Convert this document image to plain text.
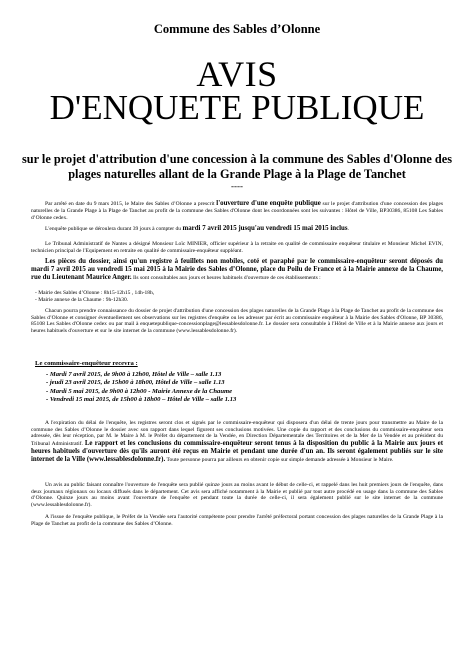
Commune des Sables d’Olonne
AVIS
D'ENQUETE PUBLIQUE
sur le projet d'attribution d'une concession à la commune des Sables d'Olonne des plages naturelles allant de la Grande Plage à la Plage de Tanchet
----
Par arrêté en date du 9 mars 2015, le Maire des Sables d’Olonne a prescrit l'ouverture d'une enquête publique sur le projet d'attribution d'une concession des plages naturelles de la Grande Plage à la Plage de Tanchet au profit de la commune des Sables d'Olonne dont les coordonnées sont les suivantes : Hôtel de Ville, BP30386, 85108 Les Sables d’Olonne cedex.
L'enquête publique se déroulera durant 39 jours à compter du mardi 7 avril 2015 jusqu'au vendredi 15 mai 2015 inclus.
Le Tribunal Administratif de Nantes a désigné Monsieur Loïc MINIER, officier supérieur à la retraite en qualité de commissaire enquêteur titulaire et Monsieur Michel EVIN, technicien principal de l'Equipement en retraite en qualité de commissaire-enquêteur suppléant.
Les pièces du dossier, ainsi qu'un registre à feuillets non mobiles, coté et paraphé par le commissaire-enquêteur seront déposés du mardi 7 avril 2015 au vendredi 15 mai 2015 à la Mairie des Sables d’Olonne, place du Poilu de France et à la Mairie annexe de la Chaume, rue du Lieutenant Maurice Anger. Ils sont consultables aux jours et heures habituels d'ouverture de ces établissements :
- Mairie des Sables d’Olonne : 8h15-12h15 , 14h-18h,
- Mairie annexe de la Chaume : 9h-12h30.
Chacun pourra prendre connaissance du dossier de projet d'attribution d'une concession des plages naturelles de la Grande Plage à la Plage de Tanchet au profit de la commune des Sables d’Olonne et consigner éventuellement ses observations sur les registres d'enquête ou les adresser par écrit au commissaire enquêteur à la Mairie des Sables d'Olonne, BP 30386, 85108 Les Sables d'Olonne cedex ou par mail à enquetepublique-concessionplage@lessablesdolonne.fr. Le dossier sera consultable à l'Hôtel de Ville et à la Mairie annexe aux jours et heures habituels d'ouverture et sur le site internet de la commune (www.lessablesdolonne.fr).
Le commissaire-enquêteur recevra :
- Mardi 7 avril 2015, de 9h00 à 12h00, Hôtel de Ville – salle 1.13
- jeudi 23 avril 2015, de 15h00 à 18h00, Hôtel de Ville – salle 1.13
- Mardi 5 mai 2015, de 9h00 à 12h00 - Mairie Annexe de la Chaume
- Vendredi 15 mai 2015, de 15h00 à 18h00 – Hôtel de Ville – salle 1.13
A l'expiration du délai de l'enquête, les registres seront clos et signés par le commissaire-enquêteur qui disposera d'un délai de trente jours pour transmettre au Maire de la commune des Sables d’Olonne le dossier avec son rapport dans lequel figurent ses conclusions motivées. Une copie du rapport et des conclusions du commissaire-enquêteur sera adressée, dès leur réception, par M. le Maire à M. le Préfet du département de la Vendée, en Direction Départementale des Territoires et de la Mer de la Vendée et au président du Tribunal Administratif. Le rapport et les conclusions du commissaire-enquêteur seront tenus à la disposition du public à la Mairie aux jours et heures habituels d'ouverture dès qu'ils auront été reçus en Mairie et pendant une durée d'un an. Ils seront également publiés sur le site internet de la Ville (www.lessablesdolonne.fr). Toute personne pourra par ailleurs en obtenir copie sur simple demande adressée à Monsieur le Maire.
Un avis au public faisant connaître l'ouverture de l'enquête sera publié quinze jours au moins avant le début de celle-ci, et rappelé dans les huit premiers jours de l'enquête, dans deux journaux régionaux ou locaux diffusés dans le département. Cet avis sera affiché notamment à la Mairie et publié par tout autre procédé en usage dans la commune des Sables d’Olonne. Quinze jours au moins avant l'ouverture de l'enquête et pendant toute la durée de celle-ci, il sera également publié sur le site internet de la commune (www.lessablesdolonne.fr).
A l'issue de l'enquête publique, le Préfet de la Vendée sera l'autorité compétente pour prendre l'arrêté préfectoral portant concession des plages naturelles de la Grande Plage à la Plage de Tanchet au profit de la commune des Sables d’Olonne.
